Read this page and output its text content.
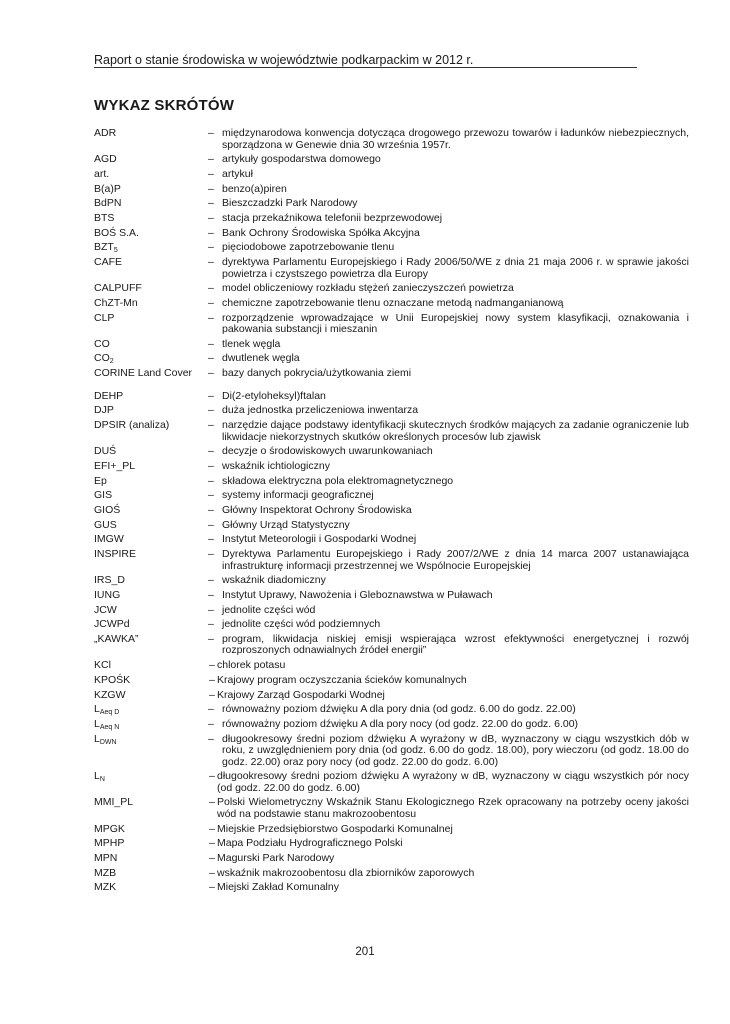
Raport o stanie środowiska w województwie podkarpackim w 2012 r.
WYKAZ SKRÓTÓW
ADR	– międzynarodowa konwencja dotycząca drogowego przewozu towarów i ładunków niebezpiecznych, sporządzona w Genewie dnia 30 września 1957r.
AGD	– artykuły gospodarstwa domowego
art.	– artykuł
B(a)P	– benzo(a)piren
BdPN	– Bieszczadzki Park Narodowy
BTS	– stacja przekaźnikowa telefonii bezprzewodowej
BOŚ S.A.	– Bank Ochrony Środowiska Spółka Akcyjna
$BZT_5$	– pięciodobowe zapotrzebowanie tlenu
CAFE	– dyrektywa Parlamentu Europejskiego i Rady 2006/50/WE z dnia 21 maja 2006 r. w sprawie jakości powietrza i czystszego powietrza dla Europy
CALPUFF	– model obliczeniowy rozkładu stężeń zanieczyszczeń powietrza
ChZT-Mn	– chemiczne zapotrzebowanie tlenu oznaczane metodą nadmanganianową
CLP	– rozporządzenie wprowadzające w Unii Europejskiej nowy system klasyfikacji, oznakowania i pakowania substancji i mieszanin
CO	– tlenek węgla
$CO_2$	– dwutlenek węgla
CORINE Land Cover	– bazy danych pokrycia/użytkowania ziemi
DEHP	– Di(2-etyloheksyl)ftalan
DJP	– duża jednostka przeliczeniowa inwentarza
DPSIR (analiza)	– narzędzie dające podstawy identyfikacji skutecznych środków mających za zadanie ograniczenie lub likwidacje niekorzystnych skutków określonych procesów lub zjawisk
DUŚ	– decyzje o środowiskowych uwarunkowaniach
EFI+_PL	– wskaźnik ichtiologiczny
Ep	– składowa elektryczna pola elektromagnetycznego
GIS	– systemy informacji geograficznej
GIOŚ	– Główny Inspektorat Ochrony Środowiska
GUS	– Główny Urząd Statystyczny
IMGW	– Instytut Meteorologii i Gospodarki Wodnej
INSPIRE	– Dyrektywa Parlamentu Europejskiego i Rady 2007/2/WE z dnia 14 marca 2007 ustanawiająca infrastrukturę informacji przestrzennej we Wspólnocie Europejskiej
IRS_D	– wskaźnik diadomiczny
IUNG	– Instytut Uprawy, Nawożenia i Gleboznawstwa w Puławach
JCW	– jednolite części wód
JCWPd	– jednolite części wód podziemnych
„KAWKA”	– program, likwidacja niskiej emisji wspierająca wzrost efektywności energetycznej i rozwój rozproszonych odnawialnych źródeł energii”
KCl	– chlorek potasu
KPOŚK	– Krajowy program oczyszczania ścieków komunalnych
KZGW	– Krajowy Zarząd Gospodarki Wodnej
$L_{Aeq D}$	– równoważny poziom dźwięku A dla pory dnia (od godz. 6.00 do godz. 22.00)
$L_{Aeq N}$	– równoważny poziom dźwięku A dla pory nocy (od godz. 22.00 do godz. 6.00)
$L_{DWN}$	– długookresowy średni poziom dźwięku A wyrażony w dB, wyznaczony w ciągu wszystkich dób w roku, z uwzględnieniem pory dnia (od godz. 6.00 do godz. 18.00), pory wieczoru (od godz. 18.00 do godz. 22.00) oraz pory nocy (od godz. 22.00 do godz. 6.00)
$L_N$	– długookresowy średni poziom dźwięku A wyrażony w dB, wyznaczony w ciągu wszystkich pór nocy (od godz. 22.00 do godz. 6.00)
MMI_PL	– Polski Wielometryczny Wskaźnik Stanu Ekologicznego Rzek opracowany na potrzeby oceny jakości wód na podstawie stanu makrozoobentosu
MPGK	– Miejskie Przedsiębiorstwo Gospodarki Komunalnej
MPHP	– Mapa Podziału Hydrograficznego Polski
MPN	– Magurski Park Narodowy
MZB	– wskaźnik makrozoobentosu dla zbiorników zaporowych
MZK	– Miejski Zakład Komunalny
201
